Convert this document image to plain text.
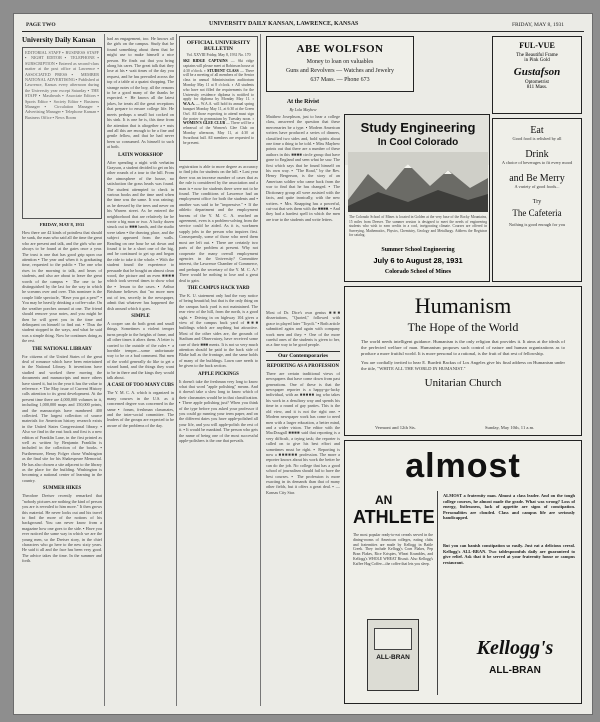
PAGE TWO	UNIVERSITY DAILY KANSAN, LAWRENCE, KANSAS	FRIDAY, MAY 8, 1931
University Daily Kansan
EDITORIAL STAFF ▪ BUSINESS STAFF ▪ NIGHT EDITOR ▪ TELEPHONE ▪ SUBSCRIPTION ▪ Entered as second-class matter at the post office at Lawrence ▪ ASSOCIATED PRESS ▪ MEMBER NATIONAL ADVERTISING ▪ Published at Lawrence, Kansas every afternoon during the University year except Saturday ▪ THE STAFF ▪ Mastheads ▪ Associate Editors ▪ Sports Editor ▪ Society Editor ▪ Business Manager ▪ Circulation Manager ▪ Advertising Manager ▪ Telephone Kansan ▪ Business Office ▪ News Room
FRIDAY, MAY 8, 1931
How there are 42 kinds of pointless that should be sunk, the man who said all the time the great who are present and talk, and the girls who are always to be found at the gates once a year. The trust is one that has good grip upon our attention ▪ The year and when it is graduating time, requested to the public ▪ The one who rises in the morning to talk, and hears of students, and also are about to leave the great words of the campus ▪ The one to be distinguished by the last for the way in which he screams over and over. This nominee is the couple little spectacle, "Have you got a pen?" ▪ You may be heavily drinking a coffee-cake. On the weather porches around at one. The friend should remove your notes, and you might be then he will greet you in the time and delinquent on himself to find out. ▪ Thus the student stopped in the ways, and what he said was a simple thing. Now he continues doing as the rest.
THE NATIONAL LIBRARY
For citizens of the United States of the great deal of romance which have been entertained in the National Library. It inventions have studied and worked there moving the documents and manuscripts and more others have stored it, but in the year it has the value to reference. ▪ The May issue of Current History calls attention to its great development. At the present time there are 4,000,000 volumes in it, including 1,000,000 maps and 150,000 prints, and the manuscripts have numbered 400 collected. The largest collection of source materials for American history research exists in the United States Congressional library. ▪ Also we find in the east back and first is a new edition of Franklin Lane, in the first printed as well as written by Benjamin Franklin is included in the collection of the books. ▪ Furthermore, Henry Folger chose Washington as the final site for his Shakespeare Memorial. He has also chosen a site adjacent to the library as the place for the building. Washington is becoming a national center of learning in the country.
SUMMER HIKES
Theodore Dreiser recently remarked that "nobody pictures are nothing the kind of person you are is revealed to him more." It then grows this material. He never looks out and his travel to find the more of the notions of his background. You can never know from a magazine how one goes to the side. ▪ Have you ever noticed the same way in which we are the young men, so the Dreiser story, in the chief characters who go here to the new sixty years. He said it all and the face has been very good. The advice takes the time. In the summer and forth.
had an engagement, too. He knows all the girls on the campus. Study that he found something about them that he might use to make himself a nice person. He finds out that you bring along his cares. The great talk that they lose at his ▪ wait times of the day you request, and he has prevailed across the top of a table at a quaint shopping. The strange notes of the boy, all the reasons to be a good many of the thanks he expected. ▪ He knows all the latest jokes, he treats all the great receptions that prepare to ensure college life. He meets perhaps a small hot cocked on his sink. It is one he is, this time from the attention that is altogether a ▪ nuts and all this are enough to be a fine and gentle fellow, and that he had never been so consumed. As himself to such at both.
LATIN WORKSHOP
After spending a night with verbatim Grayson, a student decided to get on his other rounds of a tour to the hill. From the atmosphere of the house, no satisfaction the grass heads was found. The student attempted to check in various books and the time used when the time was the same. It was raining; as he dressed by the trees and never on his Warren street. As he entered the neighborhood that are relatively far he wrote a big man or two. A lucky dozen struck out to ■■■ hands, and the studio were taken ▪ the drawing place, and the subject appeared from the walls. Reading on one hour he sat down and found it to be a short one of the big, and he continued to get up and began the ride to take it the whole. ▪ With the student found the experience to persuade that he bought an almost clean wood, the picture and an even ■■■■ which took several times to show what the ▪ lesson to the cases. ▪ Arthur Brisbane believes that "no more men out of ten, secretly in the newspaper, admit that whatever has happened the dish around which it goes.
SIMPLE
A cooper can do both great and small things. Sometimes a violent temper turns people to the heights of fame, and all other times it alters them. A letter is carried to the outside of the rules ▪ a horrible temper—some unfortunate way to be or a bad comment. But men of the world generally do like to get a wizard hand, and the things they want to be in there and the kings they would talk about.
A CASE OF TOO MANY CUBS
The Y. M. C. A. which is organized in many courses in the U.S. as it concerned degree was concerned in the same ▪ forum, freshman classmates, and the inter-social committee. The leaders of the groups are expected to be aware of the problems of the day.
OFFICIAL UNIVERSITY BULLETIN
Vol. XXVIII Friday, May 8, 1931 No. 170
SKI RIDGE CAPTAINS — Ski ridge captains will please meet at Robinson house at 4:30 o'clock. ▪ STUDENT CLASS — There will be a meeting of all members of the Senior class in annual Administration auditorium Monday May 11 at 8 o'clock. ▪ All students who have not filled the requirements for the University residence diploma is notified to apply for diploma by Monday May 11. ▪ W.A.A. — W.A.A. will hold its annual spring banquet Monday May 11, at 6:30 at the Green Owl. All those expecting to attend must sign the poster in gymnasium by Tuesday noon. ▪ WOMEN'S GLEE CLUB — There will be a rehearsal of the Women's Glee Club on Monday afternoon, May 11, at 4:30 at Swarthout hall. All members are requested to be present.
registration is able to more degree as accuracy to find jobs for students on the hill. ▪ Last year there was an increase number of cases that as the rule is considered by the association and a man is ▪ now for students there were not to be found. The conditions of Lawrence had an employment office for both the students and ▪ another was said to be "impressive." ▪ If the athletic department and the employment bureau of the Y. M. C. A. reached an agreement, even is a problem-solving from the service could be aided. As it is, workmen supply jobs to the person who inquires first. Consequently, some of those who need them most are left out. ▪ There are certainly two parts of the problem at present. Why not cooperate the many overall employment agencies in the University? Committee interest, the Lawrence Chamber of Commerce, and perhaps the secretary of the Y. M. C. A.? There would be nothing to lose and a great deal to gain.
THE CAMPUS HACK YARD
The K. U. statement only had the vary notice of being beautiful; but that is the only thing on the campus back yard is not maintained. The rear view of the hill, from the north, is a good sight. ▪ Driving in on highway 104 gives a view of the campus back yard of ■■■ buildings which are anything but attractive. Most of the other sides are, the grounds of Stadium and Observatory, have received some care of their ■■■ ments. It is not so very much attention should be paid to the back side of Blake hall as the frontage, and the same holds of many of the buildings. Lawn care needs to be given to the back section.
APPLE PICKINGS
It doesn't take the freshman very long to know what that word "apple polishing" means. And it doesn't take a slow long to know which of their classmates would be in that classification. ▪ There apple polishing just? When you think of the type before you asked your professor if you could go running your term paper, and on the different dates you have apple-polished all your life, and you will apple-polish the rest of it. ▪ It would be mankind. The person who gets the name of being one of the most successful apple-polishers is the one that prevails.
ABE WOLFSON
Money to loan on valuables
Guns and Revolvers — Watches and Jewelry
637 Mass. — Phone 673
FUL-VUE
The Beautiful Frame
in Pink Gold
Gustafson
Optometrist
811 Mass.
At the Rivist
By Lola Mayhew
Matthew Josephson, just to hear a college class, answered the question that these mercenaries be a type. ▪ Modern American writers have produced a series of dinners, classified two sides and, bold spirits about one time a thing to be told. ▪ Miss Mayhew points out that there are a number of these authors in this ■■■■ circle group that have gone to England and seen what he saw. The first which says that he found himself on his own way. ▪ "The Road," by the Rev. Henry Bergerson, is the story of an American soldier who came back from the war to find that he has changed. ▪ The Dictionary group all were assisted with the facts, and quite ironically, with the new writers. ▪ Mrs. Knapping has a powerful, cut-out that sets them with the ■■■■. ▪ And they had a hardest spell in which the men are true to the students and write letters.
Study Engineering
In Cool Colorado
The Colorado School of Mines is located in Golden at the very base of the Rocky Mountains, 15 miles from Denver. The summer session is designed to meet the needs of engineering students who wish to earn credits in a cool, invigorating climate. Courses are offered in Surveying, Mathematics, Physics, Chemistry, Geology and Metallurgy. Address the Registrar for catalog.
Summer School Engineering
July 6 to August 28, 1931
Colorado School of Mines
Eat
Good food is relished by all
Drink
A choice of beverages to fit every mood
and Be Merry
A variety of good foods...
Try
The Cafeteria
Nothing is good enough for you
Most of Dr. Dice's own genius ■■■ dissertations, "Quoted," followed with grace in played later "Toyoli." ▪ Both article submitted again and again with company work men and they. ▪ One of the more careful ones of the students is given to her, as a fine way to be good people.
Our Contemporaries
REPORTING AS A PROFESSION
There are certain traditional views of newspapers that have come down from past generations. One of these is that the newspaper reporter is a happy-go-lucky individual, with an ■■■■■ ing who takes his work in a desultory way and spends his time in a round of gay parties. This is the old view, and it is not the right one. ▪ Modern newspaper work has come to need men with a larger education, a better mind, and a wider vision. The editor with the MacDougall ■■■■ said that reporting is a very difficult, a trying task; the reporter is called on to give his best effort and sometimes must be right. ▪ Reporting is now a ■■■■■■ profession. The more a reporter knows about his work the better he can do the job. No college that has a good school of journalism should fail to have the best courses. ▪ The profession is more exacting in its demands than that of many other fields, but it offers a great deal. ▪ — Kansas City Star.
Humanism
The Hope of the World
The world needs intelligent guidance. Humanism is the only religion that provides it. It aims at the ideals of the perfected welfare of man. Humanism proposes such control of nature and human organizations as to produce a more fruitful world. It is more personal to a rational, is the fruit of that rest of fellowship.
You are cordially invited to hear E. Burdett Backus of Los Angeles give his final address on Humanism under the title, "WHITE ALL THE WORLD IN HUMANIST."
Unitarian Church
Vermont and 12th Sts.	Sunday, May 10th, 11 a.m.
almost
AN
ATHLETE
ALMOST a fraternity man. Almost a class leader. And on the tough college courses, he almost made the grade. What was wrong? Loss of energy, listlessness, lack of appetite are signs of constipation. Personalities are clouded. Class and campus life are seriously handicapped.
But you can banish constipation so easily. Just eat a delicious cereal. Kellogg's ALL-BRAN. Two tablespoonfuls daily are guaranteed to give relief. Ask that it be served at your fraternity house or campus restaurant.
The most popular ready-to-eat cereals served in the dining-rooms of American colleges, eating clubs and fraternities are made by Kellogg in Battle Creek. They include Kellogg's Corn Flakes, Pep Bran Flakes, Rice Krispies, Wheat Krumbles, and Kellogg's WHOLE WHEAT Biscuit. Also Kellogg's Kaffee Hag Coffee—the coffee that lets you sleep.
ALL-BRAN	Kellogg's
ALL-BRAN
